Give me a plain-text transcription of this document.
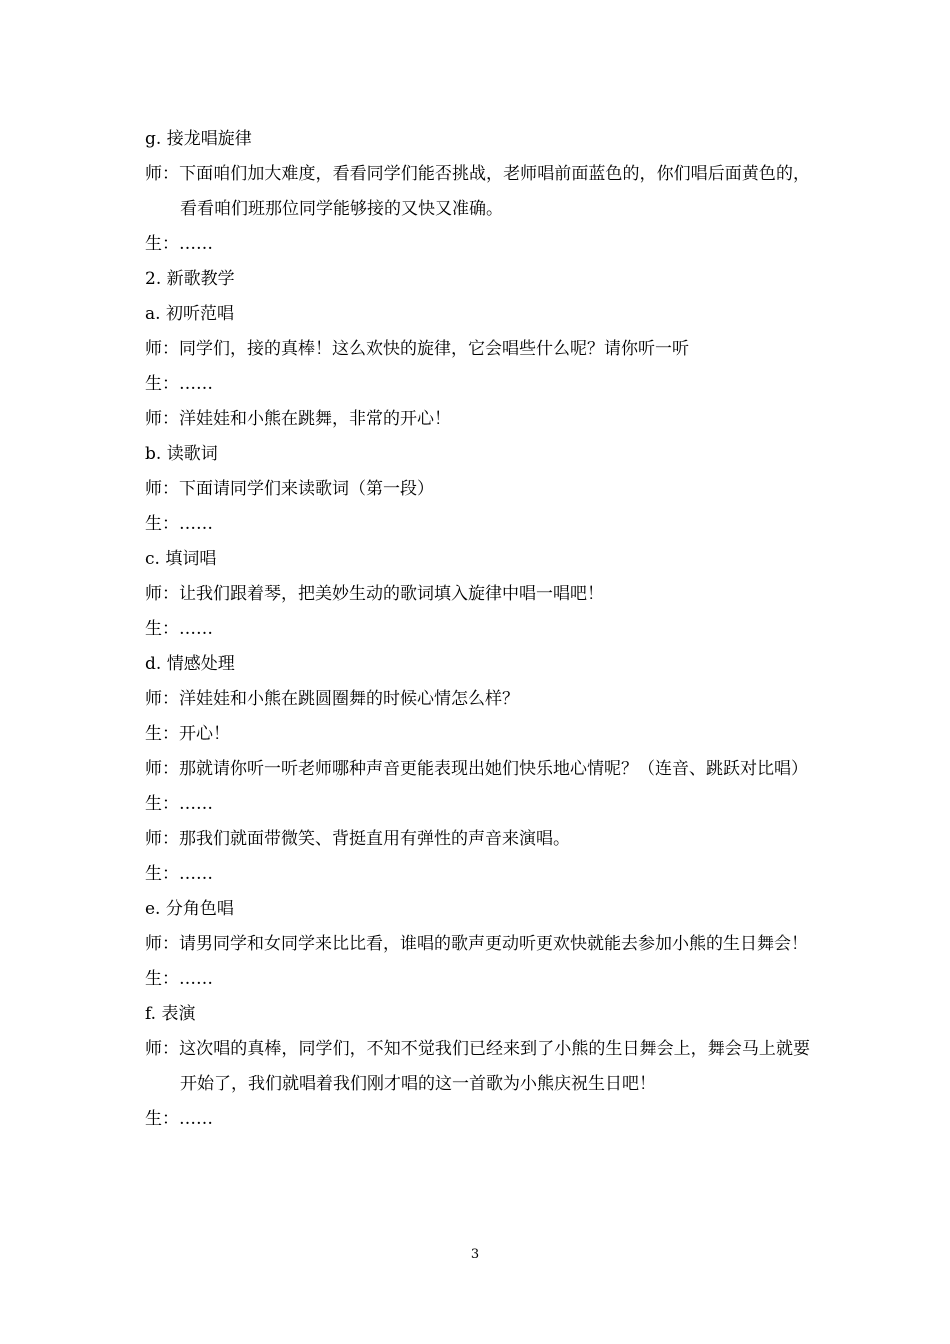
g. 接龙唱旋律
师：下面咱们加大难度，看看同学们能否挑战，老师唱前面蓝色的，你们唱后面黄色的，看看咱们班那位同学能够接的又快又准确。
生：……
2. 新歌教学
a. 初听范唱
师：同学们，接的真棒！这么欢快的旋律，它会唱些什么呢？请你听一听
生：……
师：洋娃娃和小熊在跳舞，非常的开心！
b. 读歌词
师：下面请同学们来读歌词（第一段）
生：……
c. 填词唱
师：让我们跟着琴，把美妙生动的歌词填入旋律中唱一唱吧！
生：……
d. 情感处理
师：洋娃娃和小熊在跳圆圈舞的时候心情怎么样？
生：开心！
师：那就请你听一听老师哪种声音更能表现出她们快乐地心情呢？（连音、跳跃对比唱）
生：……
师：那我们就面带微笑、背挺直用有弹性的声音来演唱。
生：……
e. 分角色唱
师：请男同学和女同学来比比看，谁唱的歌声更动听更欢快就能去参加小熊的生日舞会！
生：……
f. 表演
师：这次唱的真棒，同学们，不知不觉我们已经来到了小熊的生日舞会上，舞会马上就要开始了，我们就唱着我们刚才唱的这一首歌为小熊庆祝生日吧！
生：……
3
